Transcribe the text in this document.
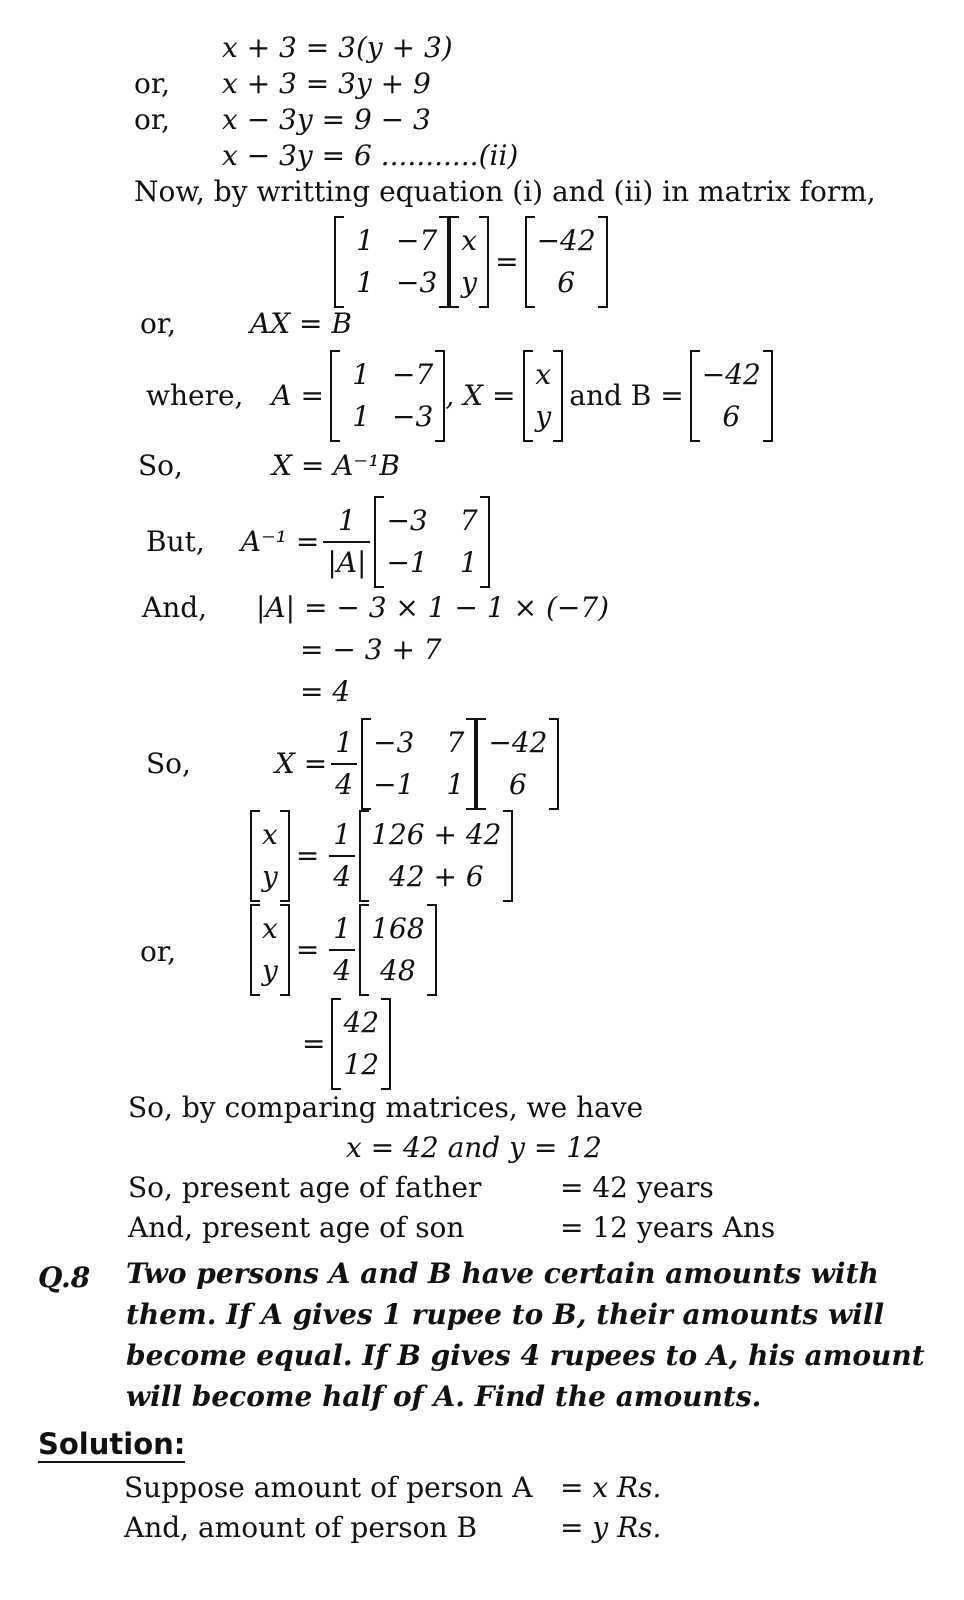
x + 3 = 3(y + 3)
or, x + 3 = 3y + 9
or, x − 3y = 9 − 3
x − 3y = 6 ...........(ii)
Now, by writting equation (i) and (ii) in matrix form,
1 −7
1 −3
x
y
=
−42
6
or,	AX = B
where,	A =
1 −7
1 −3
, X =
x
y
and B =
−42
6
So,	X = A⁻¹B
But,	$A^{-1} = \frac{1}{|A|} -3$	7
−1	1
And, |A| = − 3 × 1 − 1 × (−7)
= − 3 + 7
= 4
So,	$X = \frac{1}{4} -3$	7
−1	1
−42
6
x
y
= $\frac{1}{4} 126 + 42$
42 + 6
or,
x
y
= $\frac{1}{4} 168$
48
=
42
12
So, by comparing matrices, we have
x = 42 and y = 12
So, present age of father	= 42 years
And, present age of son	= 12 years Ans
Q.8 Two persons A and B have certain amounts with
them. If A gives 1 rupee to B, their amounts will
become equal. If B gives 4 rupees to A, his amount
will become half of A. Find the amounts.
Solution:
Suppose amount of person A = x Rs.
And, amount of person B	= y Rs.
